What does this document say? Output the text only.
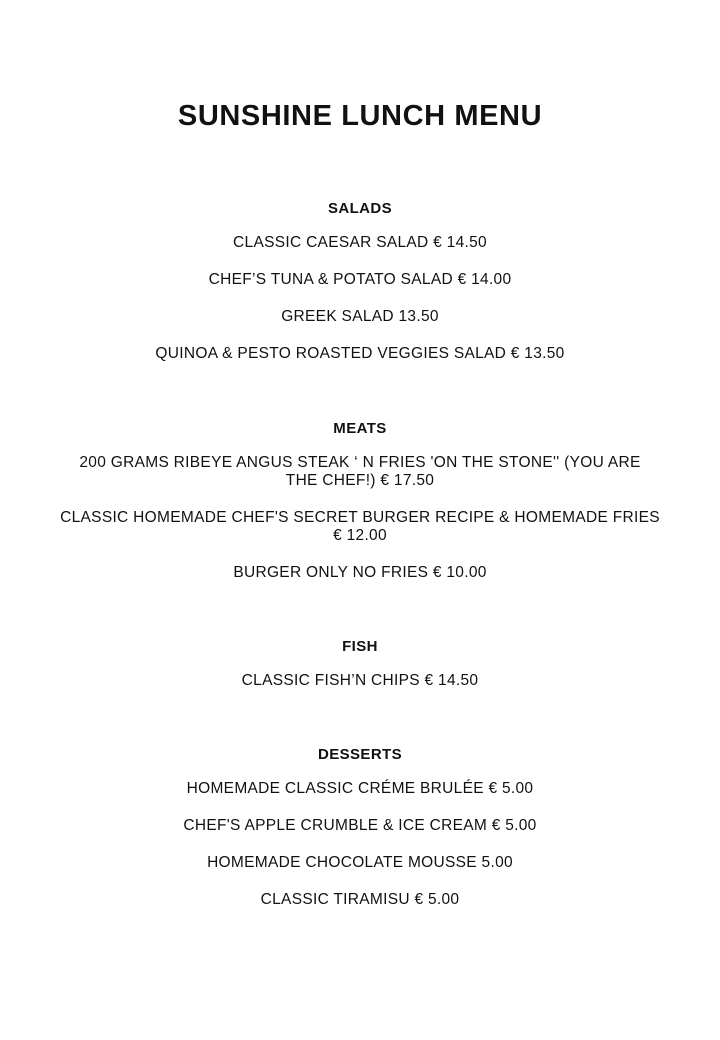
SUNSHINE LUNCH MENU
SALADS
CLASSIC CAESAR SALAD € 14.50
CHEF’S TUNA & POTATO SALAD € 14.00
GREEK SALAD 13.50
QUINOA & PESTO ROASTED VEGGIES SALAD € 13.50
MEATS
200 GRAMS RIBEYE ANGUS STEAK ‘ N FRIES 'ON THE STONE'' (YOU ARE THE CHEF!) € 17.50
CLASSIC HOMEMADE CHEF'S SECRET BURGER RECIPE & HOMEMADE FRIES € 12.00
BURGER ONLY NO FRIES € 10.00
FISH
CLASSIC FISH’N CHIPS € 14.50
DESSERTS
HOMEMADE CLASSIC CRÉME BRULÉE € 5.00
CHEF'S APPLE CRUMBLE & ICE CREAM € 5.00
HOMEMADE CHOCOLATE MOUSSE 5.00
CLASSIC TIRAMISU € 5.00
